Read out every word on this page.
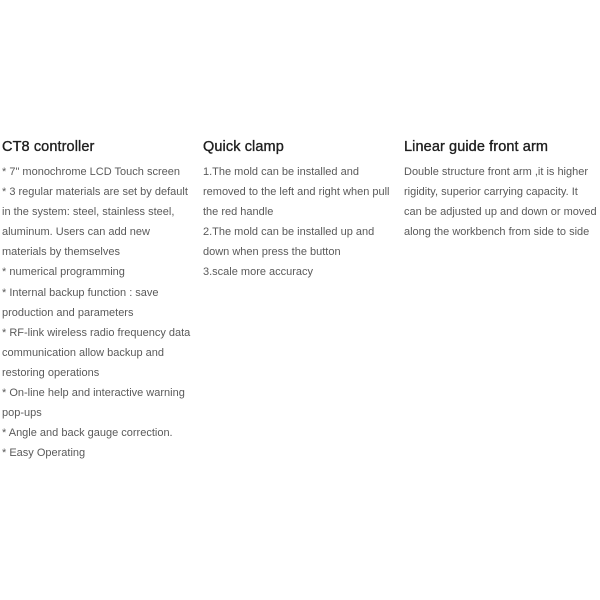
CT8 controller

* 7" monochrome LCD Touch screen

* 3 regular materials are set by default

in the system: steel, stainless steel,

aluminum. Users can add new

materials by themselves

* numerical programming

* Internal backup function : save

production and parameters

* RF-link wireless radio frequency data

communication allow backup and

restoring operations

* On-line help and interactive warning

pop-ups

* Angle and back gauge correction.

* Easy Operating

Quick clamp

1.The mold can be installed and

removed to the left and right when pull

the red handle

2.The mold can be installed up and

down when press the button

3.scale more accuracy

Linear guide front arm

Double structure front arm ,it is higher

rigidity, superior carrying capacity. It

can be adjusted up and down or moved

along the workbench from side to side
